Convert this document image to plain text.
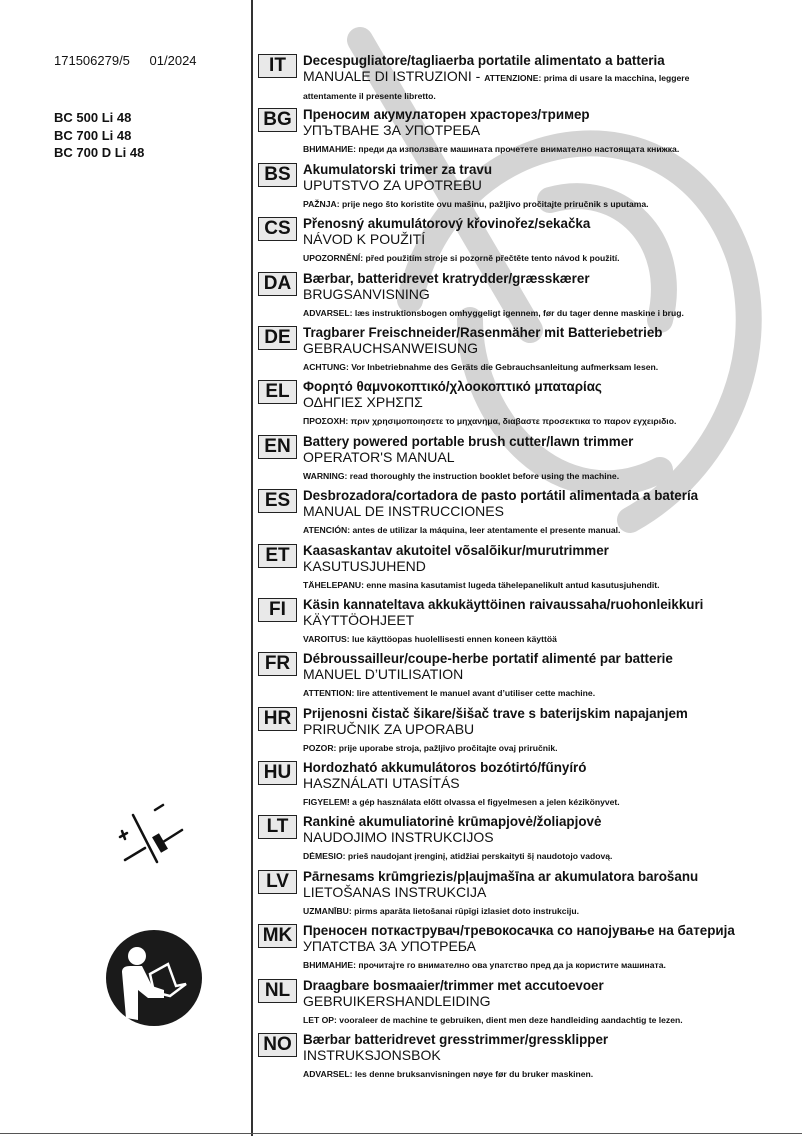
171506279/5 01/2024
BC 500 Li 48
BC 700 Li 48
BC 700 D Li 48
IT	Decespugliatore/tagliaerba portatile alimentato a batteria
MANUALE DI ISTRUZIONI - ATTENZIONE: prima di usare la macchina, leggere
attentamente il presente libretto.
BG Преносим акумулаторен храсторез/тример
УПЪТВАНЕ ЗА УПОТРЕБА
ВНИМАНИЕ: преди да използвате машината прочетете внимателно настоящата книжка.
BS Akumulatorski trimer za travu
UPUTSTVO ZA UPOTREBU
PAŽNJA: prije nego što koristite ovu mašinu, pažljivo pročitajte priručnik s uputama.
CS Přenosný akumulátorový křovinořez/sekačka
NÁVOD K POUŽITÍ
UPOZORNĚNÍ: před použitím stroje si pozorně přečtěte tento návod k použití.
DA Bærbar, batteridrevet kratrydder/græsskærer
BRUGSANVISNING
ADVARSEL: læs instruktionsbogen omhyggeligt igennem, før du tager denne maskine i brug.
DE Tragbarer Freischneider/Rasenmäher mit Batteriebetrieb
GEBRAUCHSANWEISUNG
ACHTUNG: Vor Inbetriebnahme des Geräts die Gebrauchsanleitung aufmerksam lesen.
EL Φορητό θαμνοκοπτικό/χλοοκοπτικό μπαταρίας
ΟΔΗΓΙΕΣ ΧΡΗΣΠΣ
ΠΡΟΣΟΧΗ: πριν χρησιμοποιησετε το μηχανημα, διαβαστε προσεκτικα το παρον εγχειριδιο.
EN Battery powered portable brush cutter/lawn trimmer
OPERATOR'S MANUAL
WARNING: read thoroughly the instruction booklet before using the machine.
ES Desbrozadora/cortadora de pasto portátil alimentada a batería
MANUAL DE INSTRUCCIONES
ATENCIÓN: antes de utilizar la máquina, leer atentamente el presente manual.
ET Kaasaskantav akutoitel võsalõikur/murutrimmer
KASUTUSJUHEND
TÄHELEPANU: enne masina kasutamist lugeda tähelepanelikult antud kasutusjuhendit.
FI	Käsin kannateltava akkukäyttöinen raivaussaha/ruohonleikkuri
KÄYTTÖOHJEET
VAROITUS: lue käyttöopas huolellisesti ennen koneen käyttöä
FR Débroussailleur/coupe-herbe portatif alimenté par batterie
MANUEL D’UTILISATION
ATTENTION: lire attentivement le manuel avant d’utiliser cette machine.
HR Prijenosni čistač šikare/šišač trave s baterijskim napajanjem
PRIRUČNIK ZA UPORABU
POZOR: prije uporabe stroja, pažljivo pročitajte ovaj priručnik.
HU Hordozható akkumulátoros bozótirtó/fűnyíró
HASZNÁLATI UTASÍTÁS
FIGYELEM! a gép használata előtt olvassa el figyelmesen a jelen kézikönyvet.
LT	Rankinė akumuliatorinė krūmapjovė/žoliapjovė
NAUDOJIMO INSTRUKCIJOS
DĖMESIO: prieš naudojant įrenginį, atidžiai perskaityti šį naudotojo vadovą.
LV	Pārnesams krūmgriezis/pļaujmašīna ar akumulatora barošanu
LIETOŠANAS INSTRUKCIJA
UZMANĪBU: pirms aparāta lietošanai rūpīgi izlasiet doto instrukciju.
MK Преносен поткаструвач/тревокосачка со напојување на батерија
УПАТСТВА ЗА УПОТРЕБА
ВНИМАНИЕ: прочитајте го внимателно ова упатство пред да ја користите машината.
NL Draagbare bosmaaier/trimmer met accutoevoer
GEBRUIKERSHANDLEIDING
LET OP: vooraleer de machine te gebruiken, dient men deze handleiding aandachtig te lezen.
NO Bærbar batteridrevet gresstrimmer/gressklipper
INSTRUKSJONSBOK
ADVARSEL: les denne bruksanvisningen nøye før du bruker maskinen.
